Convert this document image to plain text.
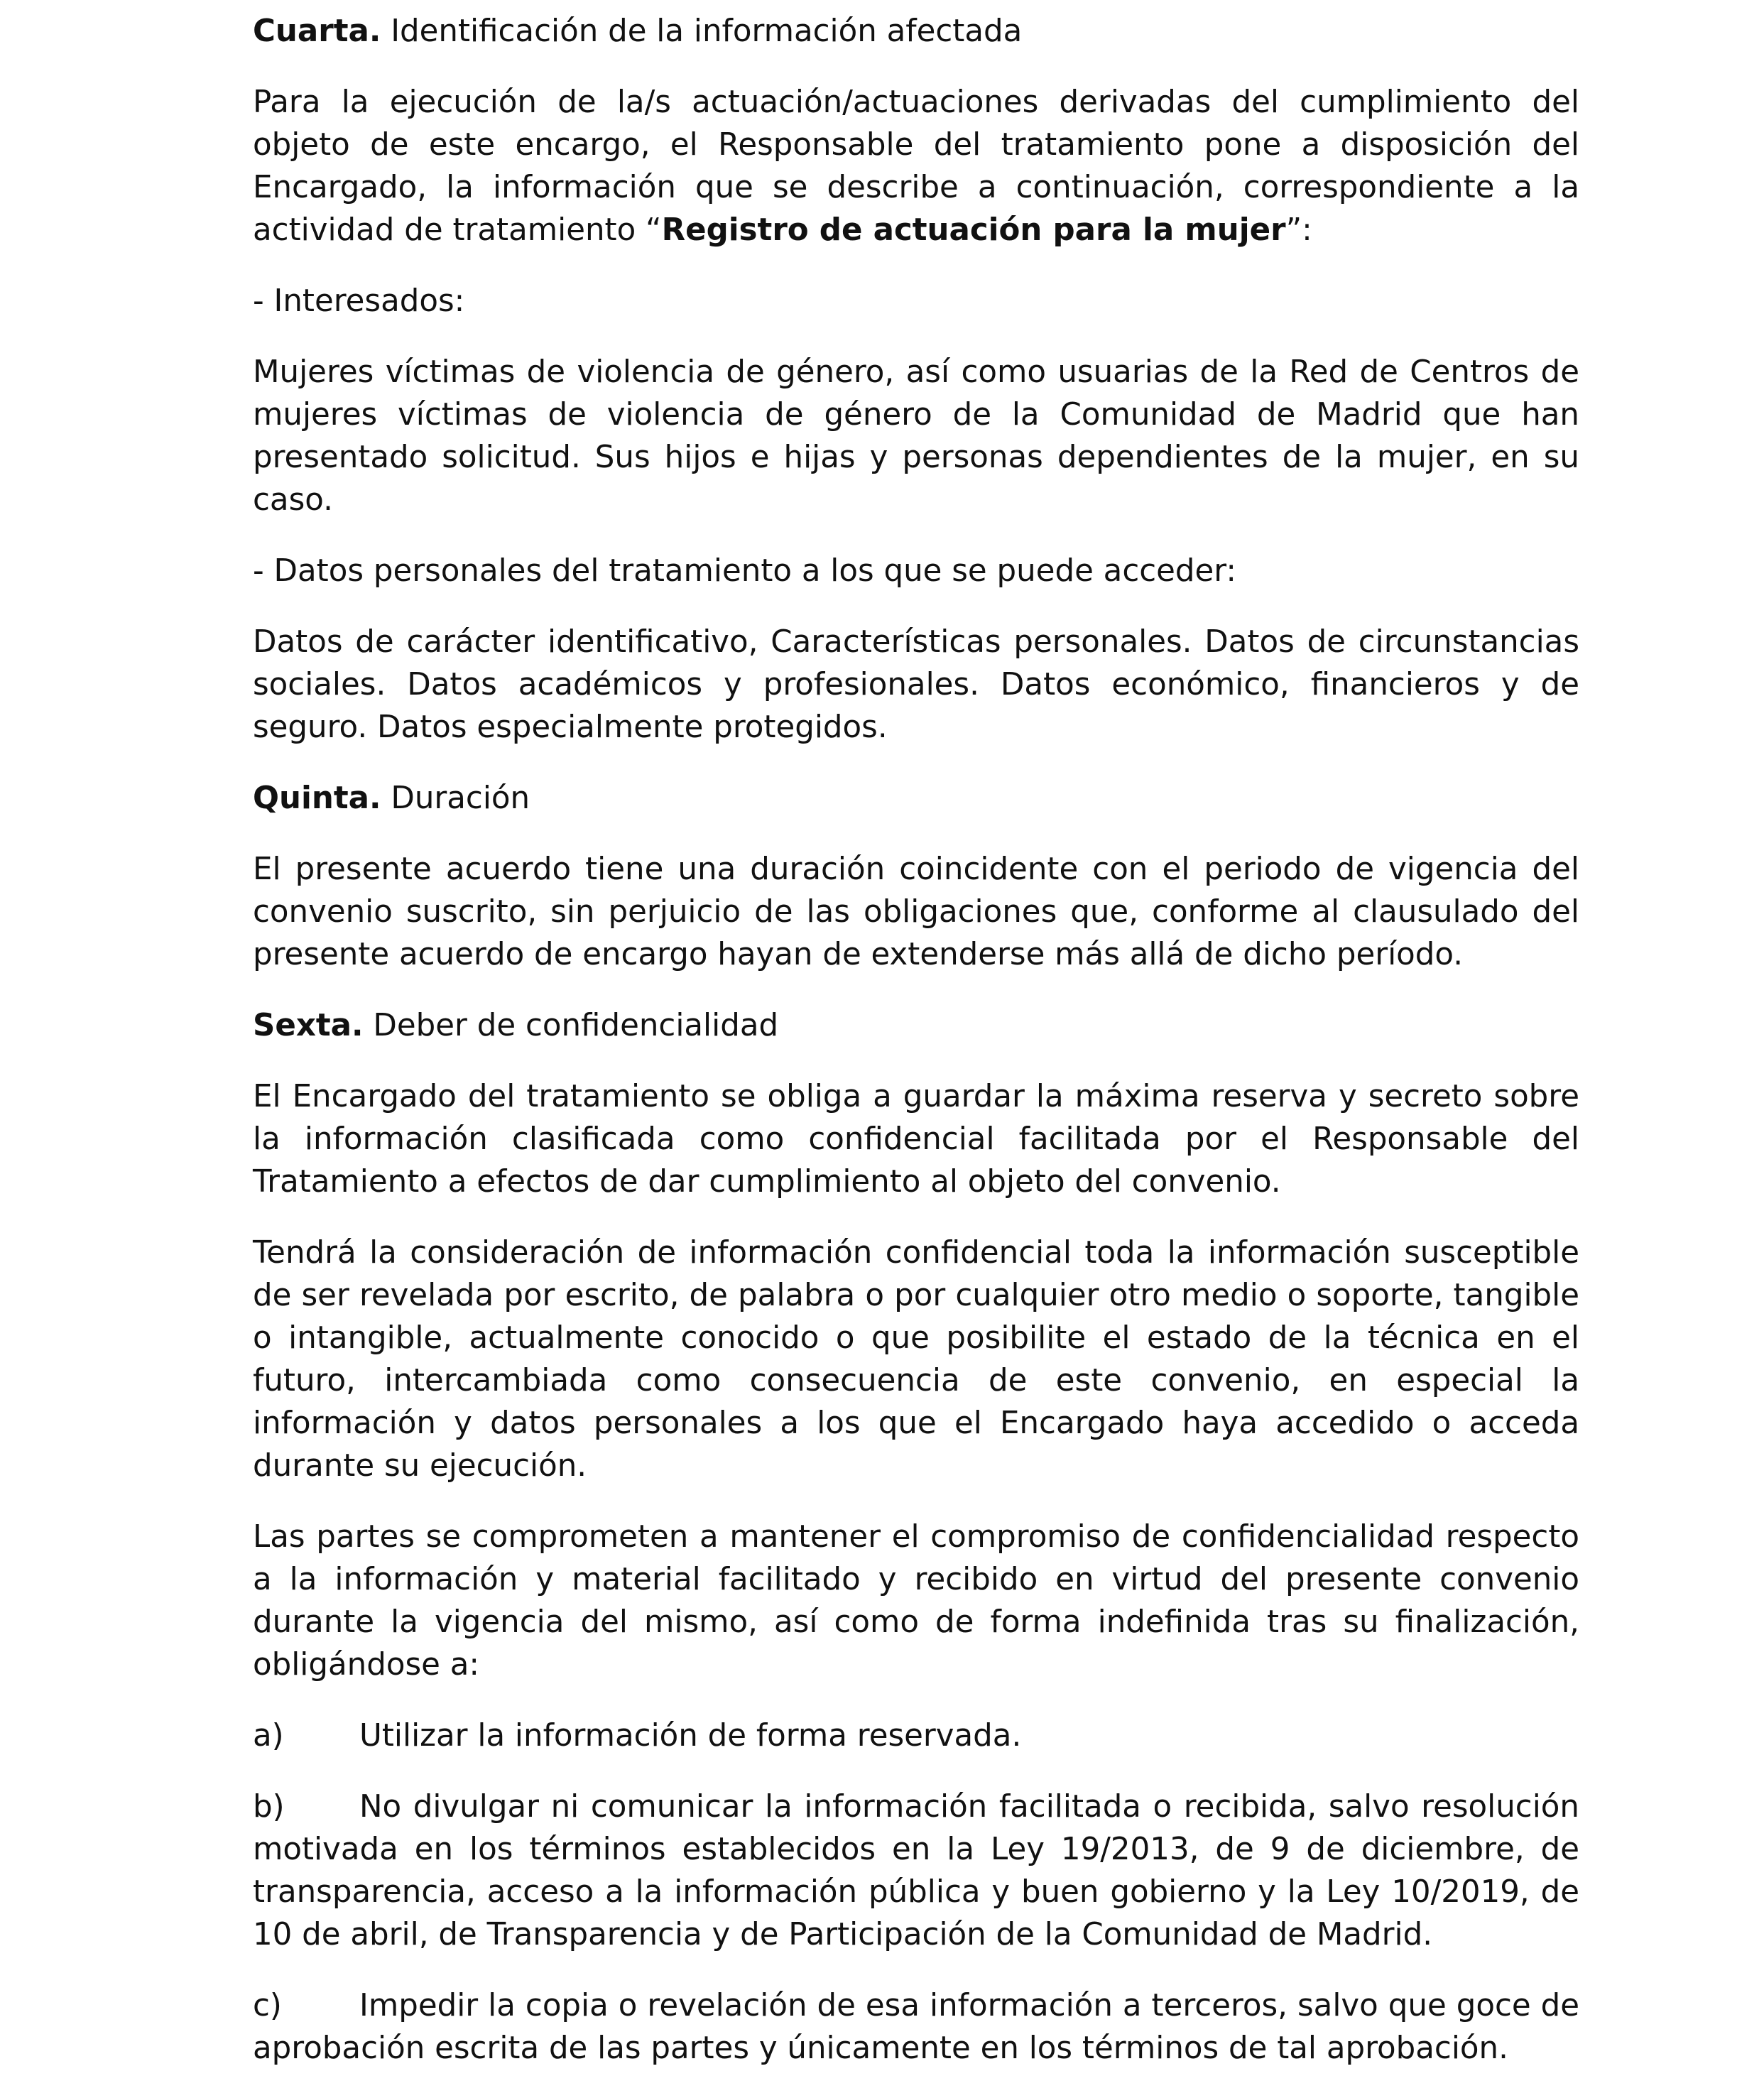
Cuarta. Identificación de la información afectada

Para la ejecución de la/s actuación/actuaciones derivadas del cumplimiento del objeto de este encargo, el Responsable del tratamiento pone a disposición del Encargado, la información que se describe a continuación, correspondiente a la actividad de tratamiento “Registro de actuación para la mujer”:

- Interesados:

Mujeres víctimas de violencia de género, así como usuarias de la Red de Centros de mujeres víctimas de violencia de género de la Comunidad de Madrid que han presentado solicitud. Sus hijos e hijas y personas dependientes de la mujer, en su caso.

- Datos personales del tratamiento a los que se puede acceder:

Datos de carácter identificativo, Características personales. Datos de circunstancias sociales. Datos académicos y profesionales. Datos económico, financieros y de seguro. Datos especialmente protegidos.

Quinta. Duración

El presente acuerdo tiene una duración coincidente con el periodo de vigencia del convenio suscrito, sin perjuicio de las obligaciones que, conforme al clausulado del presente acuerdo de encargo hayan de extenderse más allá de dicho período.

Sexta. Deber de confidencialidad

El Encargado del tratamiento se obliga a guardar la máxima reserva y secreto sobre la información clasificada como confidencial facilitada por el Responsable del Tratamiento a efectos de dar cumplimiento al objeto del convenio.

Tendrá la consideración de información confidencial toda la información susceptible de ser revelada por escrito, de palabra o por cualquier otro medio o soporte, tangible o intangible, actualmente conocido o que posibilite el estado de la técnica en el futuro, intercambiada como consecuencia de este convenio, en especial la información y datos personales a los que el Encargado haya accedido o acceda durante su ejecución.

Las partes se comprometen a mantener el compromiso de confidencialidad respecto a la información y material facilitado y recibido en virtud del presente convenio durante la vigencia del mismo, así como de forma indefinida tras su finalización, obligándose a:

a) Utilizar la información de forma reservada.

b) No divulgar ni comunicar la información facilitada o recibida, salvo resolución motivada en los términos establecidos en la Ley 19/2013, de 9 de diciembre, de transparencia, acceso a la información pública y buen gobierno y la Ley 10/2019, de 10 de abril, de Transparencia y de Participación de la Comunidad de Madrid.

c)	Impedir la copia o revelación de esa información a terceros, salvo que goce de aprobación escrita de las partes y únicamente en los términos de tal aprobación.
